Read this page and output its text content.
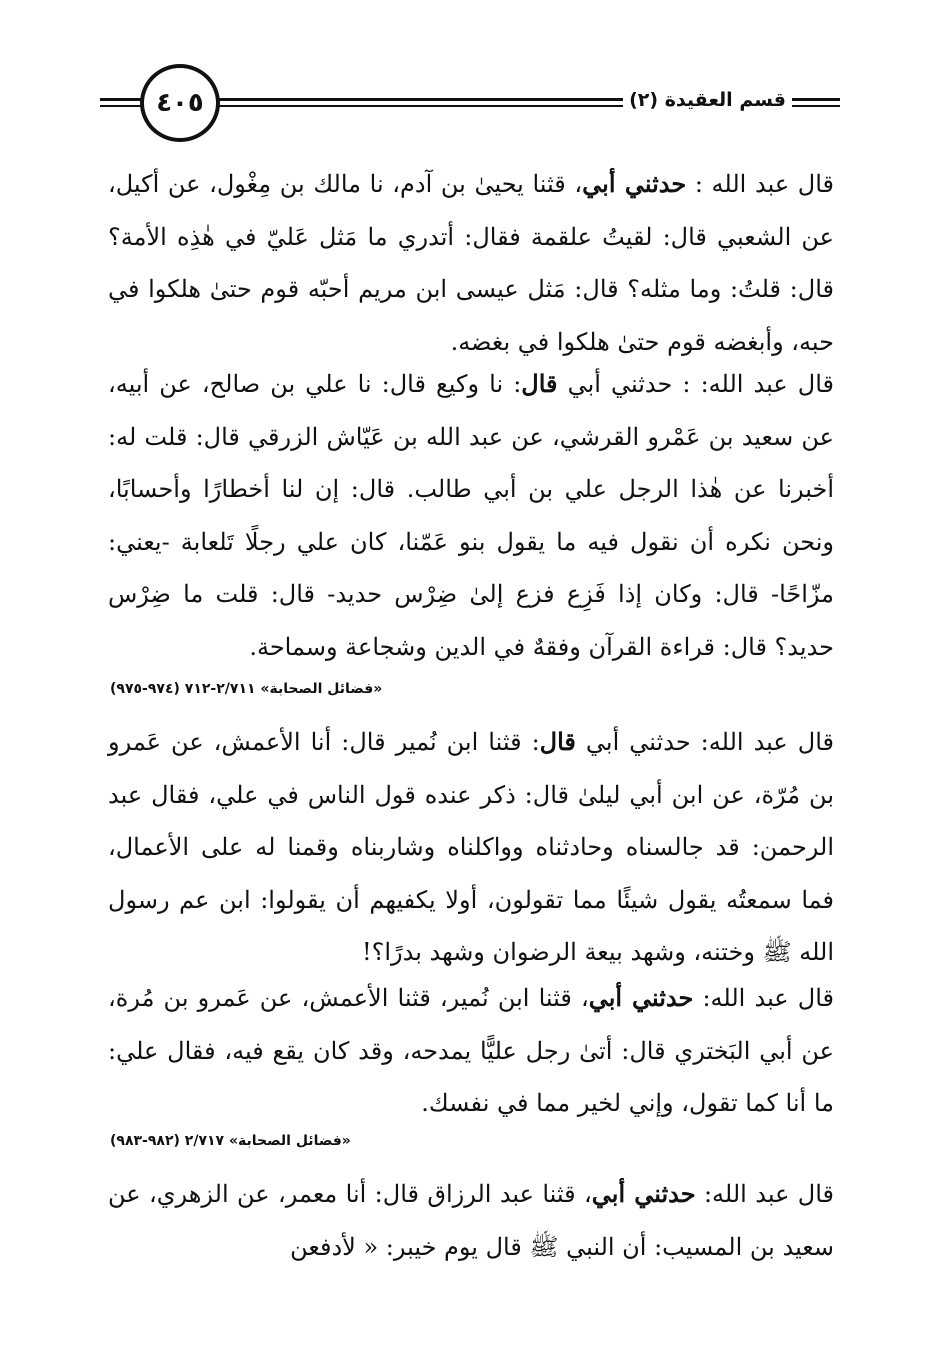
٤٠٥	قسم العقيدة (٢)

قال عبد الله : حدثني أبي، قثنا يحيىٰ بن آدم، نا مالك بن مِغْول، عن أكيل، عن الشعبي قال: لقيتُ علقمة فقال: أتدري ما مَثل عَليّ في هٰذِه الأمة؟ قال: قلتُ: وما مثله؟ قال: مَثل عيسى ابن مريم أحبّه قوم حتىٰ هلكوا في حبه، وأبغضه قوم حتىٰ هلكوا في بغضه.

قال عبد الله: : حدثني أبي قال: نا وكيع قال: نا علي بن صالح، عن أبيه، عن سعيد بن عَمْرو القرشي، عن عبد الله بن عَيّاش الزرقي قال: قلت له: أخبرنا عن هٰذا الرجل علي بن أبي طالب. قال: إن لنا أخطارًا وأحسابًا، ونحن نكره أن نقول فيه ما يقول بنو عَمّنا، كان علي رجلًا تَلعابة -يعني: مزّاحًا- قال: وكان إذا فَزِع فزع إلىٰ ضِرْس حديد- قال: قلت ما ضِرْس حديد؟ قال: قراءة القرآن وفقهٌ في الدين وشجاعة وسماحة.

«فضائل الصحابة» ٢/٧١١-٧١٢ (٩٧٤-٩٧٥)

قال عبد الله: حدثني أبي قال: قثنا ابن نُمير قال: أنا الأعمش، عن عَمرو بن مُرّة، عن ابن أبي ليلىٰ قال: ذكر عنده قول الناس في علي، فقال عبد الرحمن: قد جالسناه وحادثناه وواكلناه وشاربناه وقمنا له على الأعمال، فما سمعتُه يقول شيئًا مما تقولون، أولا يكفيهم أن يقولوا: ابن عم رسول الله ﷺ وختنه، وشهد بيعة الرضوان وشهد بدرًا؟!

قال عبد الله: حدثني أبي، قثنا ابن نُمير، قثنا الأعمش، عن عَمرو بن مُرة، عن أبي البَختري قال: أتىٰ رجل عليًّا يمدحه، وقد كان يقع فيه، فقال علي: ما أنا كما تقول، وإني لخير مما في نفسك.

«فضائل الصحابة» ٢/٧١٧ (٩٨٢-٩٨٣)

قال عبد الله: حدثني أبي، قثنا عبد الرزاق قال: أنا معمر، عن الزهري، عن سعيد بن المسيب: أن النبي ﷺ قال يوم خيبر: « لأدفعن
